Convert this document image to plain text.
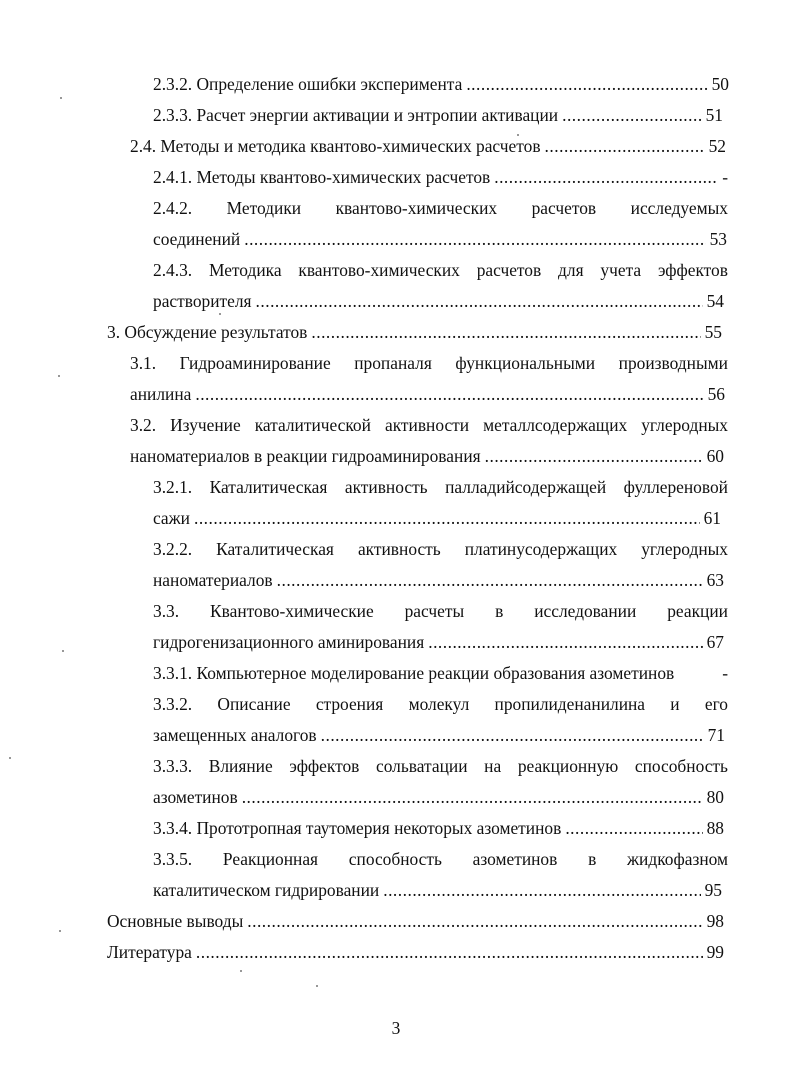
2.3.2. Определение ошибки эксперимента .....	50
2.3.3. Расчет энергии активации и энтропии активации .....	51
2.4. Методы и методика квантово-химических расчетов .....	52
2.4.1. Методы квантово-химических расчетов .....	-
2.4.2. Методики квантово-химических расчетов исследуемых
соединений .....	53
2.4.3. Методика квантово-химических расчетов для учета эффектов
растворителя .....	54
3. Обсуждение результатов .....	55
3.1. Гидроаминирование пропаналя функциональными производными
анилина .....	56
3.2. Изучение каталитической активности металлсодержащих углеродных
наноматериалов в реакции гидроаминирования .....	60
3.2.1. Каталитическая активность палладийсодержащей фуллереновой
сажи .....	61
3.2.2. Каталитическая активность платинусодержащих углеродных
наноматериалов .....	63
3.3. Квантово-химические расчеты в исследовании реакции
гидрогенизационного аминирования .....	67
3.3.1. Компьютерное моделирование реакции образования азометинов	-
3.3.2. Описание строения молекул пропилиденанилина и его
замещенных аналогов .....	71
3.3.3. Влияние эффектов сольватации на реакционную способность
азометинов .....	80
3.3.4. Прототропная таутомерия некоторых азометинов .....	88
3.3.5. Реакционная способность азометинов в жидкофазном
каталитическом гидрировании .....	95
Основные выводы .....	98
Литература .....	99
3
